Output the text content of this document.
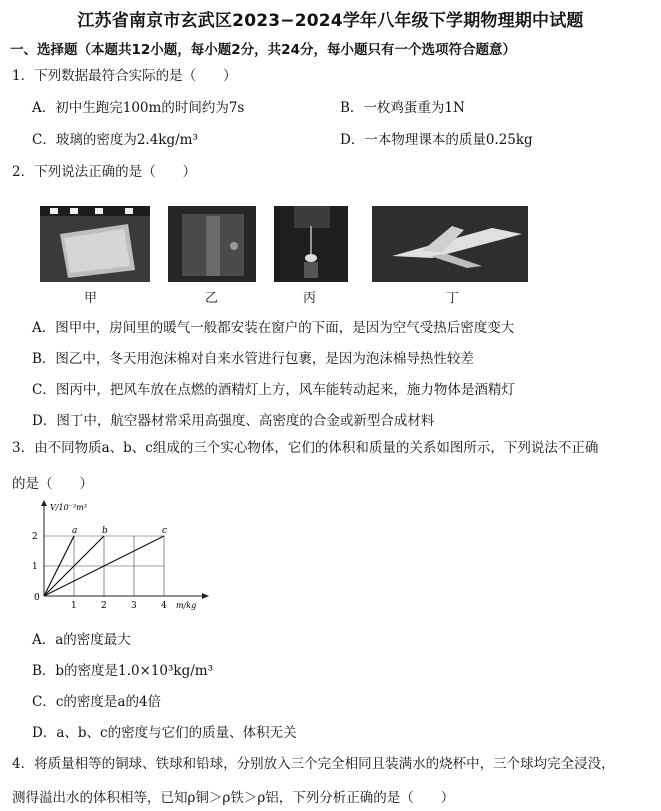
江苏省南京市玄武区2023−2024学年八年级下学期物理期中试题
一、选择题（本题共12小题，每小题2分，共24分，每小题只有一个选项符合题意）
1．下列数据最符合实际的是（　　）
A．初中生跑完100m的时间约为7s	B．一枚鸡蛋重为1N
C．玻璃的密度为2.4kg/m³	D．一本物理课本的质量0.25kg
2．下列说法正确的是（　　）
甲	乙	丙	丁
A．图甲中，房间里的暖气一般都安装在窗户的下面，是因为空气受热后密度变大
B．图乙中，冬天用泡沫棉对自来水管进行包裹，是因为泡沫棉导热性较差
C．图丙中，把风车放在点燃的酒精灯上方，风车能转动起来，施力物体是酒精灯
D．图丁中，航空器材常采用高强度、高密度的合金或新型合成材料
3．由不同物质a、b、c组成的三个实心物体，它们的体积和质量的关系如图所示，下列说法不正确
的是（　　）
a	b	c
V/10⁻³m³
m/kg
0
1	2	3	4
1
2
A．a的密度最大
B．b的密度是1.0×10³kg/m³
C．c的密度是a的4倍
D．a、b、c的密度与它们的质量、体积无关
4．将质量相等的铜球、铁球和铅球，分别放入三个完全相同且装满水的烧杯中，三个球均完全浸没，
测得溢出水的体积相等，已知ρ铜＞ρ铁＞ρ铝，下列分析正确的是（　　）
